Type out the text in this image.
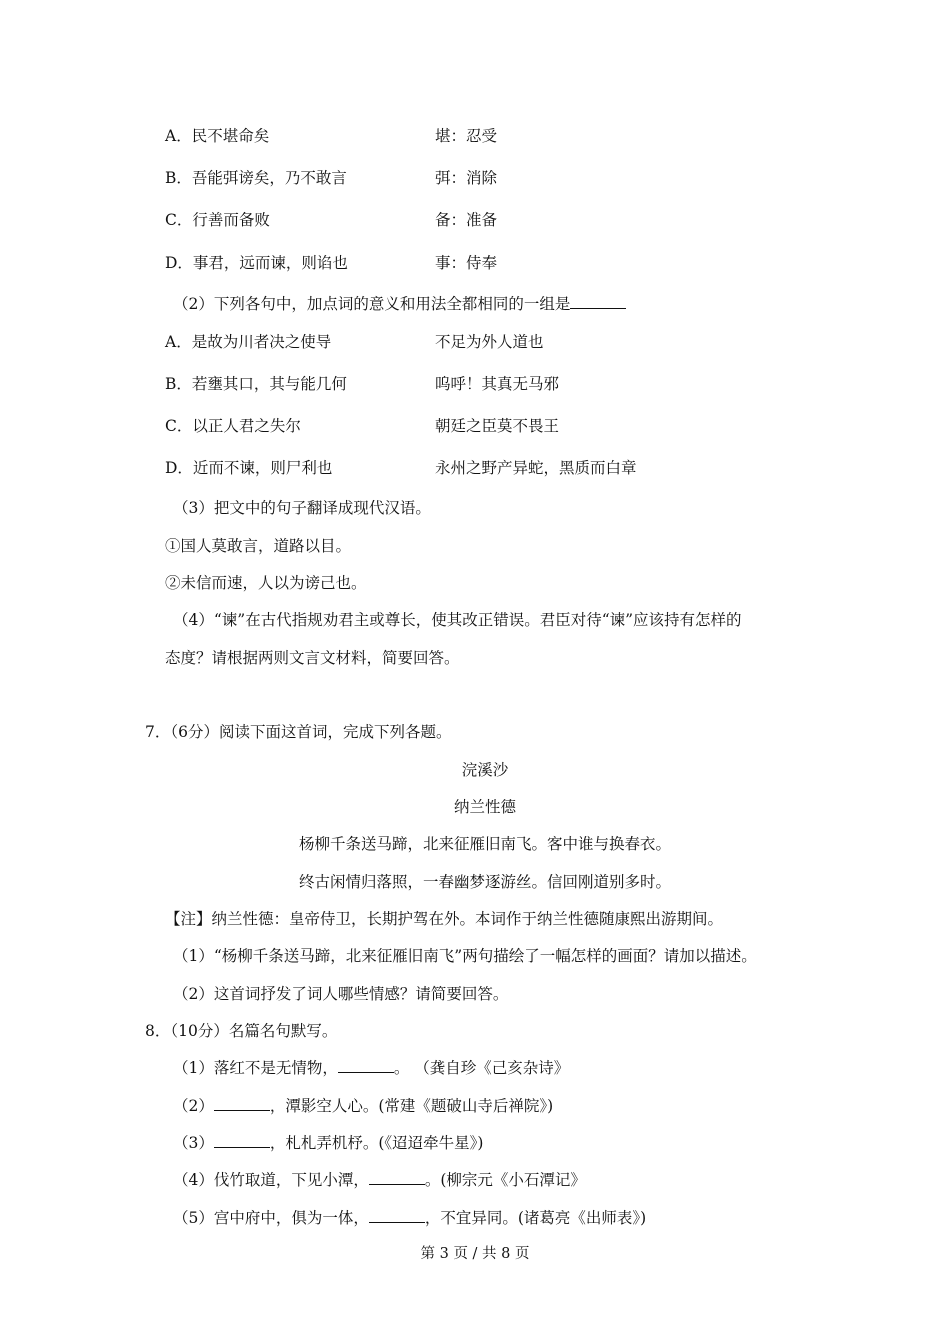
A．民不堪命矣	堪：忍受
B．吾能弭谤矣，乃不敢言	弭：消除
C．行善而备败	备：准备
D．事君，远而谏，则谄也	事：侍奉
（2）下列各句中，加点词的意义和用法全都相同的一组是
A．是故为川者决之使导	不足为外人道也
B．若壅其口，其与能几何	呜呼！其真无马邪
C．以正人君之失尔	朝廷之臣莫不畏王
D．近而不谏，则尸利也	永州之野产异蛇，黑质而白章
（3）把文中的句子翻译成现代汉语。
①国人莫敢言，道路以目。
②未信而速，人以为谤己也。
（4）“谏”在古代指规劝君主或尊长，使其改正错误。君臣对待“谏”应该持有怎样的
态度？请根据两则文言文材料，简要回答。
7．（6分）阅读下面这首词，完成下列各题。
浣溪沙
纳兰性德
杨柳千条送马蹄，北来征雁旧南飞。客中谁与换春衣。
终古闲情归落照，一春幽梦逐游丝。信回刚道别多时。
【注】纳兰性德：皇帝侍卫，长期护驾在外。本词作于纳兰性德随康熙出游期间。
（1）“杨柳千条送马蹄，北来征雁旧南飞”两句描绘了一幅怎样的画面？请加以描述。
（2）这首词抒发了词人哪些情感？请简要回答。
8．（10分）名篇名句默写。
（1）落红不是无情物，	。 （龚自珍《己亥杂诗》
（2）	，潭影空人心。(常建《题破山寺后禅院》)
（3）	，札札弄机杼。(《迢迢牵牛星》)
（4）伐竹取道，下见小潭，	。(柳宗元《小石潭记》
（5）宫中府中，俱为一体，	，不宜异同。(诸葛亮《出师表》)
第 3 页 / 共 8 页
